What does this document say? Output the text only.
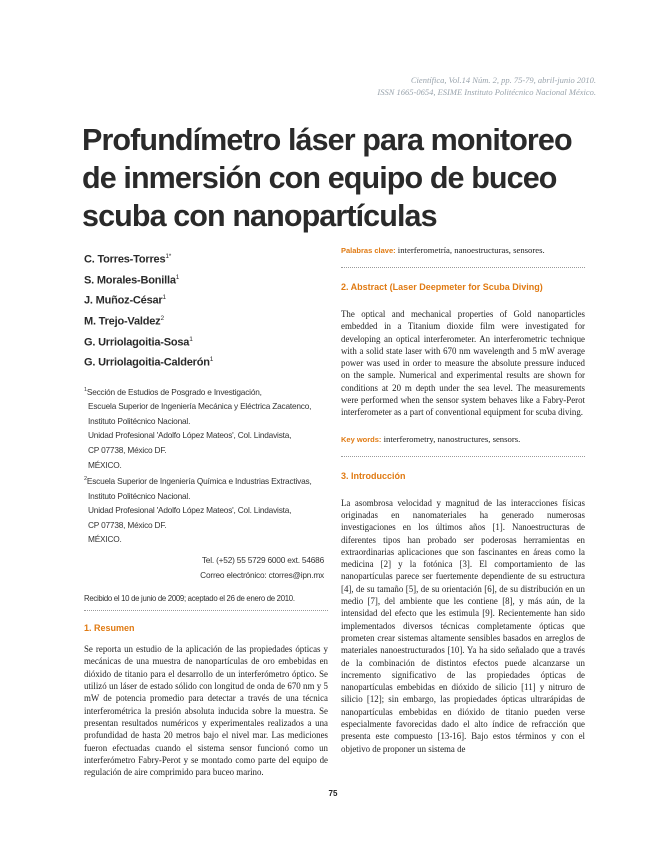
Científica, Vol.14 Núm. 2, pp. 75-79, abril-junio 2010.
ISSN 1665-0654, ESIME Instituto Politécnico Nacional México.
Profundímetro láser para monitoreo
de inmersión con equipo de buceo
scuba con nanopartículas
C. Torres-Torres$^{1*}$
S. Morales-Bonilla$^1$
J. Muñoz-César$^1$
M. Trejo-Valdez$^2$
G. Urriolagoitia-Sosa$^1$
G. Urriolagoitia-Calderón$^1$
$^1$Sección de Estudios de Posgrado e Investigación,
Escuela Superior de Ingeniería Mecánica y Eléctrica Zacatenco,
Instituto Politécnico Nacional.
Unidad Profesional 'Adolfo López Mateos', Col. Lindavista,
CP 07738, México DF.
MÉXICO.
$^2$Escuela Superior de Ingeniería Química e Industrias Extractivas,
Instituto Politécnico Nacional.
Unidad Profesional 'Adolfo López Mateos', Col. Lindavista,
CP 07738, México DF.
MÉXICO.
Tel. (+52) 55 5729 6000 ext. 54686
Correo electrónico: ctorres@ipn.mx
Recibido el 10 de junio de 2009; aceptado el 26 de enero de 2010.
1. Resumen
Se reporta un estudio de la aplicación de las propiedades ópticas y mecánicas de una muestra de nanopartículas de oro embebidas en dióxido de titanio para el desarrollo de un interferómetro óptico. Se utilizó un láser de estado sólido con longitud de onda de 670 nm y 5 mW de potencia promedio para detectar a través de una técnica interferométrica la presión absoluta inducida sobre la muestra. Se presentan resultados numéricos y experimentales realizados a una profundidad de hasta 20 metros bajo el nivel mar. Las mediciones fueron efectuadas cuando el sistema sensor funcionó como un interferómetro Fabry-Perot y se montado como parte del equipo de regulación de aire comprimido para buceo marino.
Palabras clave: interferometría, nanoestructuras, sensores.
2. Abstract (Laser Deepmeter for Scuba Diving)
The optical and mechanical properties of Gold nanoparticles embedded in a Titanium dioxide film were investigated for developing an optical interferometer. An interferometric technique with a solid state laser with 670 nm wavelength and 5 mW average power was used in order to measure the absolute pressure induced on the sample. Numerical and experimental results are shown for conditions at 20 m depth under the sea level. The measurements were performed when the sensor system behaves like a Fabry-Perot interferometer as a part of conventional equipment for scuba diving.
Key words: interferometry, nanostructures, sensors.
3. Introducción
La asombrosa velocidad y magnitud de las interacciones físicas originadas en nanomateriales ha generado numerosas investigaciones en los últimos años [1]. Nanoestructuras de diferentes tipos han probado ser poderosas herramientas en extraordinarias aplicaciones que son fascinantes en áreas como la medicina [2] y la fotónica [3]. El comportamiento de las nanopartículas parece ser fuertemente dependiente de su estructura [4], de su tamaño [5], de su orientación [6], de su distribución en un medio [7], del ambiente que les contiene [8], y más aún, de la intensidad del efecto que les estimula [9]. Recientemente han sido implementados diversos técnicas completamente ópticas que prometen crear sistemas altamente sensibles basados en arreglos de materiales nanoestructurados [10]. Ya ha sido señalado que a través de la combinación de distintos efectos puede alcanzarse un incremento significativo de las propiedades ópticas de nanopartículas embebidas en dióxido de silicio [11] y nitruro de silicio [12]; sin embargo, las propiedades ópticas ultrarápidas de nanopartículas embebidas en dióxido de titanio pueden verse especialmente favorecidas dado el alto índice de refracción que presenta este compuesto [13-16]. Bajo estos términos y con el objetivo de proponer un sistema de
75
